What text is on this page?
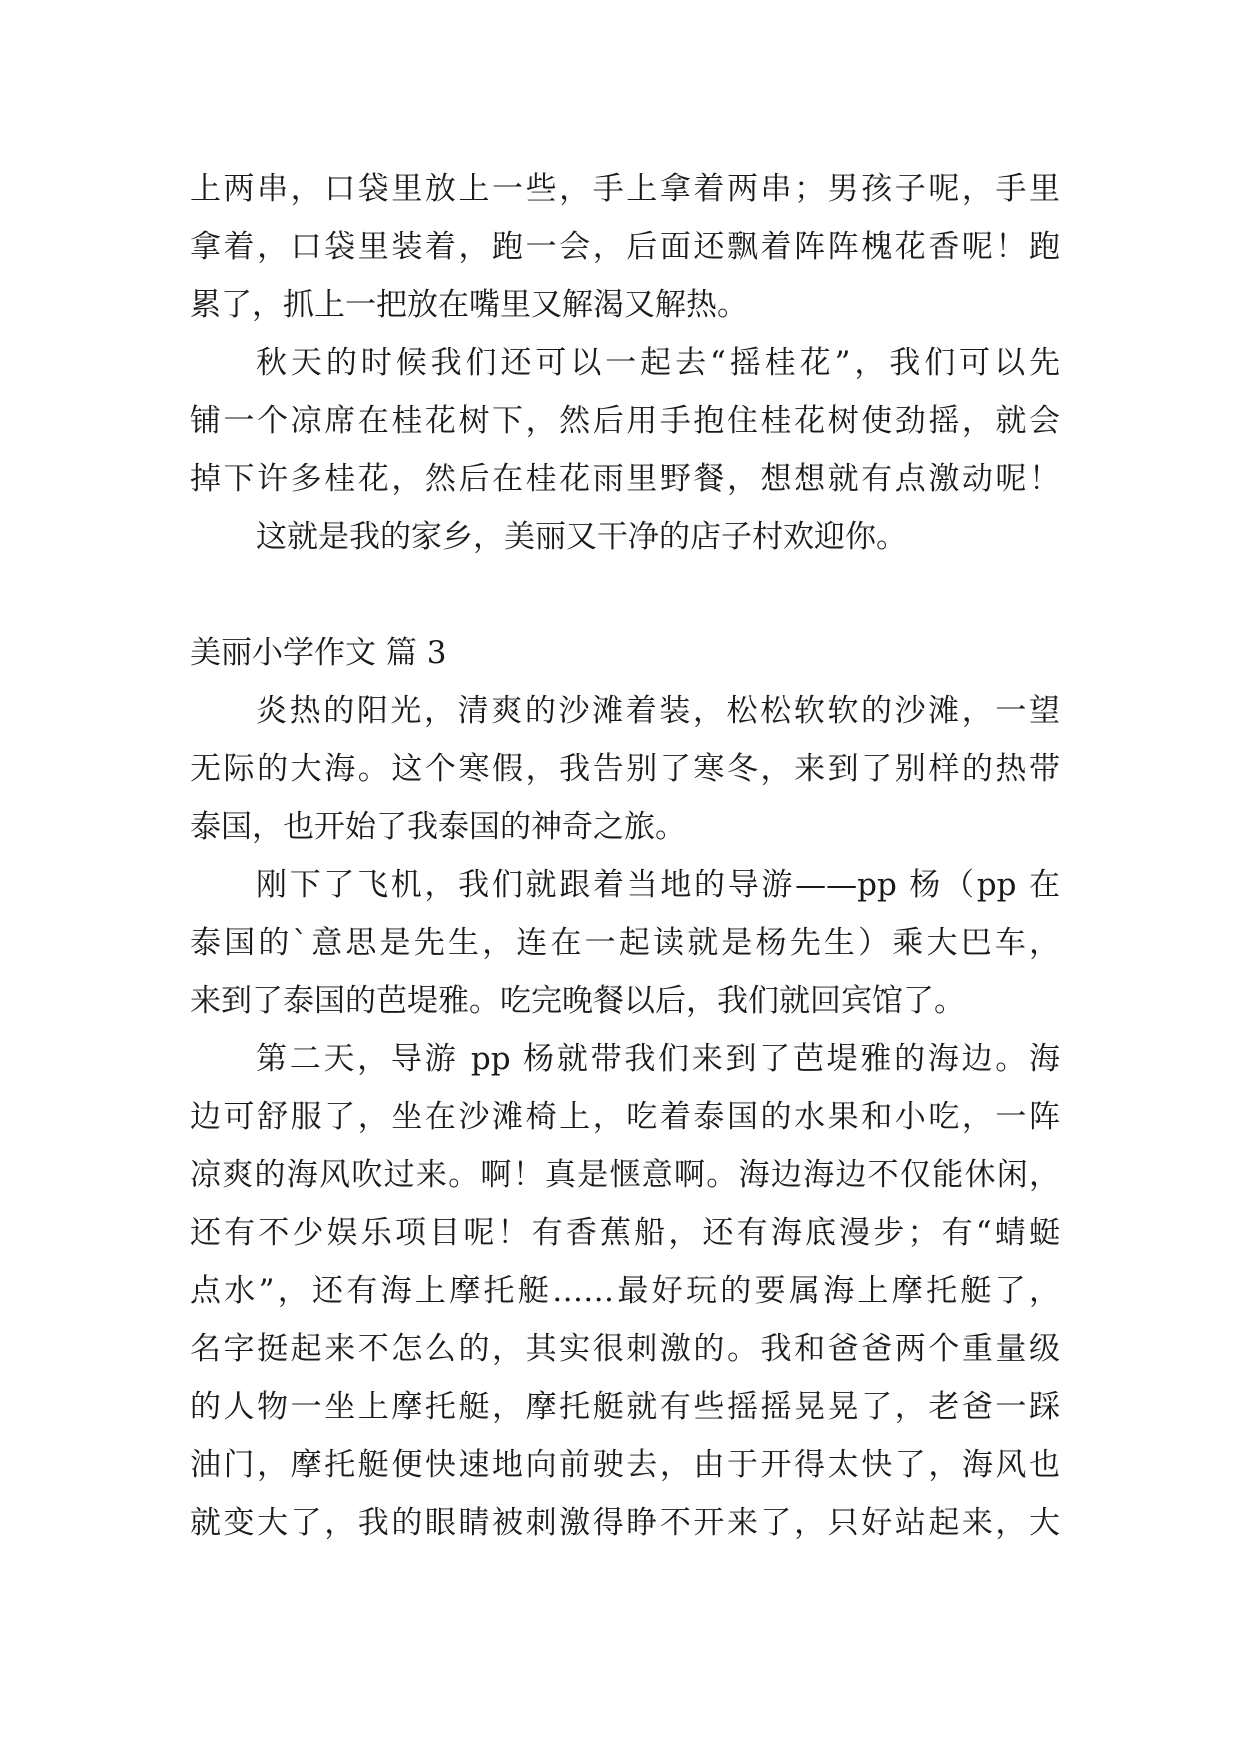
上两串，口袋里放上一些，手上拿着两串；男孩子呢，手里
拿着，口袋里装着，跑一会，后面还飘着阵阵槐花香呢！跑
累了，抓上一把放在嘴里又解渴又解热。
秋天的时候我们还可以一起去“摇桂花”，我们可以先
铺一个凉席在桂花树下，然后用手抱住桂花树使劲摇，就会
掉下许多桂花，然后在桂花雨里野餐，想想就有点激动呢！
这就是我的家乡，美丽又干净的店子村欢迎你。
美丽小学作文 篇 3
炎热的阳光，清爽的沙滩着装，松松软软的沙滩，一望
无际的大海。这个寒假，我告别了寒冬，来到了别样的热带
泰国，也开始了我泰国的神奇之旅。
刚下了飞机，我们就跟着当地的导游——pp 杨（pp 在
泰国的`意思是先生，连在一起读就是杨先生）乘大巴车，
来到了泰国的芭堤雅。吃完晚餐以后，我们就回宾馆了。
第二天，导游 pp 杨就带我们来到了芭堤雅的海边。海
边可舒服了，坐在沙滩椅上，吃着泰国的水果和小吃，一阵
凉爽的海风吹过来。啊！真是惬意啊。海边海边不仅能休闲，
还有不少娱乐项目呢！有香蕉船，还有海底漫步；有“蜻蜓
点水”，还有海上摩托艇……最好玩的要属海上摩托艇了，
名字挺起来不怎么的，其实很刺激的。我和爸爸两个重量级
的人物一坐上摩托艇，摩托艇就有些摇摇晃晃了，老爸一踩
油门，摩托艇便快速地向前驶去，由于开得太快了，海风也
就变大了，我的眼睛被刺激得睁不开来了，只好站起来，大
